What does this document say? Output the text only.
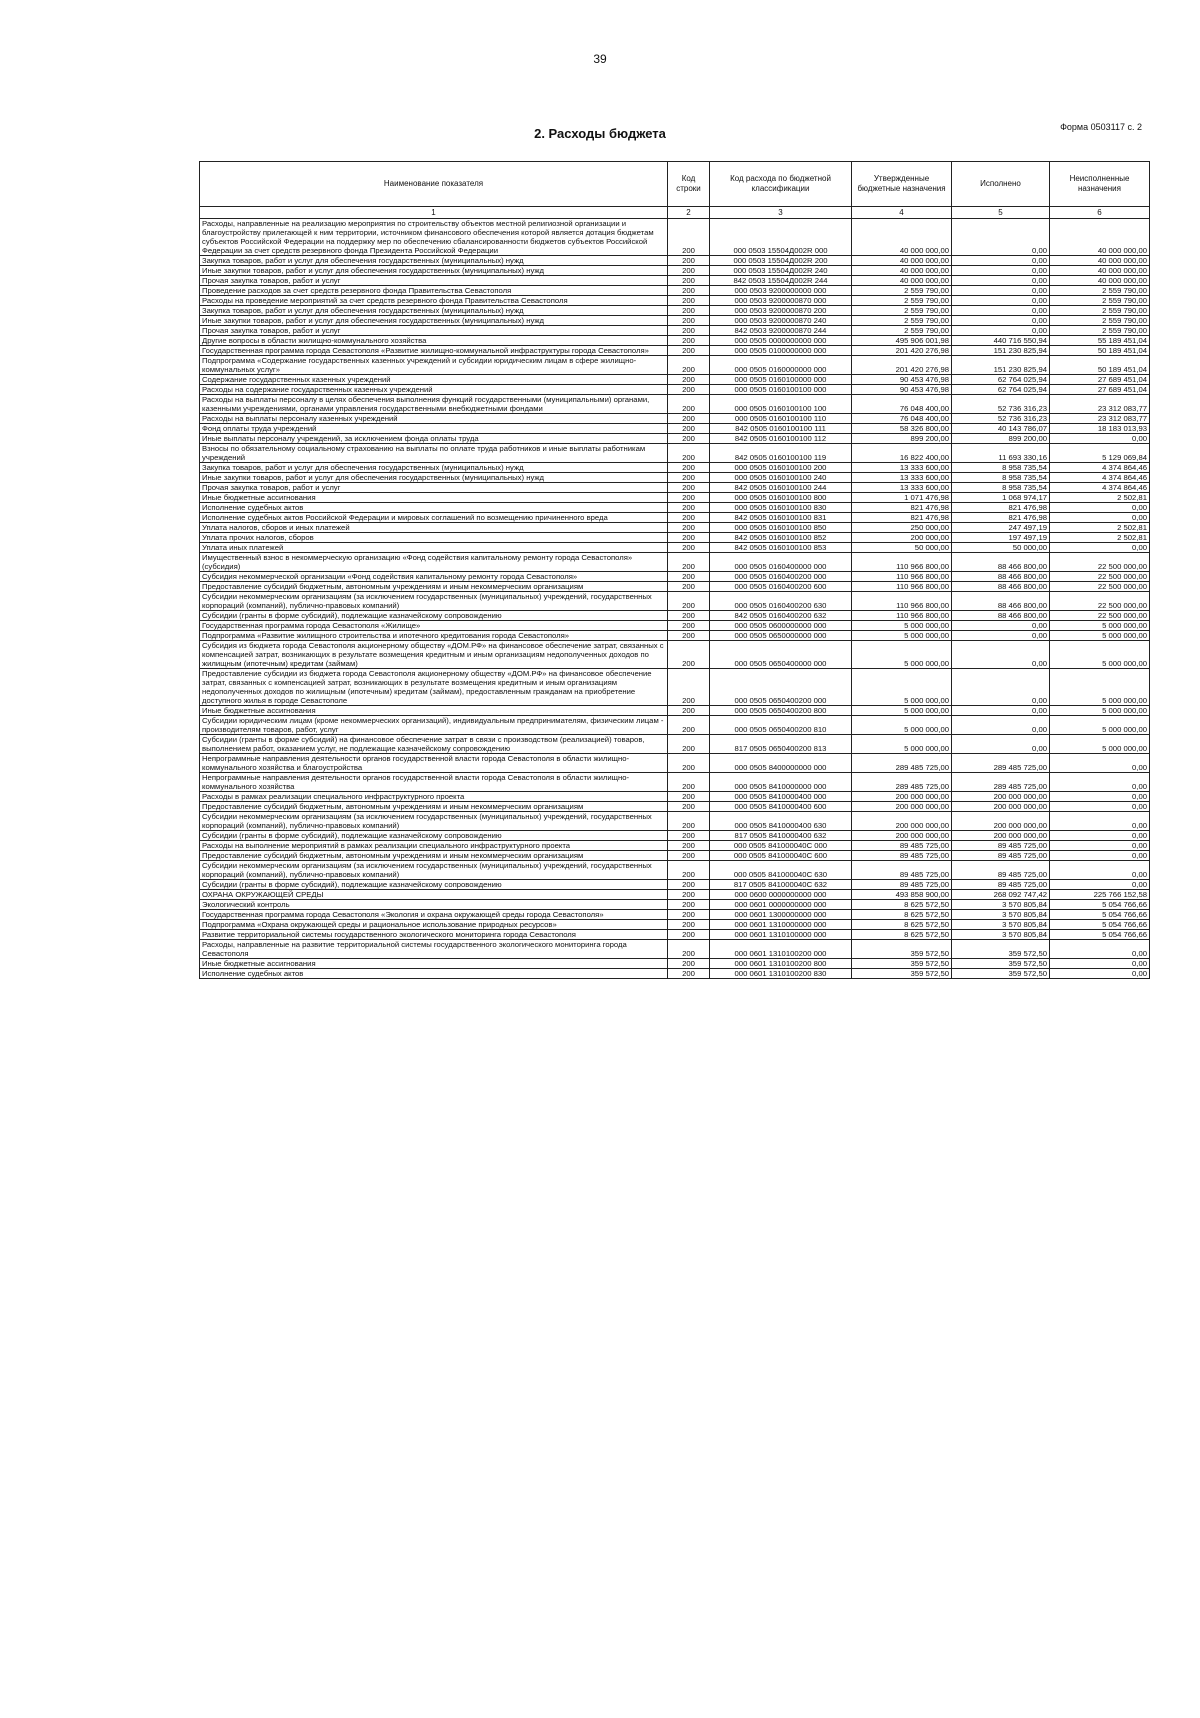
39
Форма 0503117 с. 2
2. Расходы бюджета
Наименование показателя	Код строки	Код расхода по бюджетной классификации	Утвержденные бюджетные назначения	Исполнено	Неисполненные назначения
1	2	3	4	5	6
Расходы, направленные на реализацию мероприятия по строительству объектов местной религиозной организации и благоустройству прилегающей к ним территории, источником финансового обеспечения которой является дотация бюджетам субъектов Российской Федерации на поддержку мер по обеспечению сбалансированности бюджетов субъектов Российской Федерации за счет средств резервного фонда Президента Российской Федерации	200	000 0503 15504Д002R 000	40 000 000,00	0,00	40 000 000,00
Закупка товаров, работ и услуг для обеспечения государственных (муниципальных) нужд	200	000 0503 15504Д002R 200	40 000 000,00	0,00	40 000 000,00
Иные закупки товаров, работ и услуг для обеспечения государственных (муниципальных) нужд	200	000 0503 15504Д002R 240	40 000 000,00	0,00	40 000 000,00
Прочая закупка товаров, работ и услуг	200	842 0503 15504Д002R 244	40 000 000,00	0,00	40 000 000,00
Проведение расходов за счет средств резервного фонда Правительства Севастополя	200	000 0503 9200000000 000	2 559 790,00	0,00	2 559 790,00
Расходы на проведение мероприятий за счет средств резервного фонда Правительства Севастополя	200	000 0503 9200000870 000	2 559 790,00	0,00	2 559 790,00
Закупка товаров, работ и услуг для обеспечения государственных (муниципальных) нужд	200	000 0503 9200000870 200	2 559 790,00	0,00	2 559 790,00
Иные закупки товаров, работ и услуг для обеспечения государственных (муниципальных) нужд	200	000 0503 9200000870 240	2 559 790,00	0,00	2 559 790,00
Прочая закупка товаров, работ и услуг	200	842 0503 9200000870 244	2 559 790,00	0,00	2 559 790,00
Другие вопросы в области жилищно-коммунального хозяйства	200	000 0505 0000000000 000	495 906 001,98	440 716 550,94	55 189 451,04
Государственная программа города Севастополя «Развитие жилищно-коммунальной инфраструктуры города Севастополя»	200	000 0505 0100000000 000	201 420 276,98	151 230 825,94	50 189 451,04
Подпрограмма «Содержание государственных казенных учреждений и субсидии юридическим лицам в сфере жилищно-коммунальных услуг»	200	000 0505 0160000000 000	201 420 276,98	151 230 825,94	50 189 451,04
Содержание государственных казенных учреждений	200	000 0505 0160100000 000	90 453 476,98	62 764 025,94	27 689 451,04
Расходы на содержание государственных казенных учреждений	200	000 0505 0160100100 000	90 453 476,98	62 764 025,94	27 689 451,04
Расходы на выплаты персоналу в целях обеспечения выполнения функций государственными (муниципальными) органами, казенными учреждениями, органами управления государственными внебюджетными фондами	200	000 0505 0160100100 100	76 048 400,00	52 736 316,23	23 312 083,77
Расходы на выплаты персоналу казенных учреждений	200	000 0505 0160100100 110	76 048 400,00	52 736 316,23	23 312 083,77
Фонд оплаты труда учреждений	200	842 0505 0160100100 111	58 326 800,00	40 143 786,07	18 183 013,93
Иные выплаты персоналу учреждений, за исключением фонда оплаты труда	200	842 0505 0160100100 112	899 200,00	899 200,00	0,00
Взносы по обязательному социальному страхованию на выплаты по оплате труда работников и иные выплаты работникам учреждений	200	842 0505 0160100100 119	16 822 400,00	11 693 330,16	5 129 069,84
Закупка товаров, работ и услуг для обеспечения государственных (муниципальных) нужд	200	000 0505 0160100100 200	13 333 600,00	8 958 735,54	4 374 864,46
Иные закупки товаров, работ и услуг для обеспечения государственных (муниципальных) нужд	200	000 0505 0160100100 240	13 333 600,00	8 958 735,54	4 374 864,46
Прочая закупка товаров, работ и услуг	200	842 0505 0160100100 244	13 333 600,00	8 958 735,54	4 374 864,46
Иные бюджетные ассигнования	200	000 0505 0160100100 800	1 071 476,98	1 068 974,17	2 502,81
Исполнение судебных актов	200	000 0505 0160100100 830	821 476,98	821 476,98	0,00
Исполнение судебных актов Российской Федерации и мировых соглашений по возмещению причиненного вреда	200	842 0505 0160100100 831	821 476,98	821 476,98	0,00
Уплата налогов, сборов и иных платежей	200	000 0505 0160100100 850	250 000,00	247 497,19	2 502,81
Уплата прочих налогов, сборов	200	842 0505 0160100100 852	200 000,00	197 497,19	2 502,81
Уплата иных платежей	200	842 0505 0160100100 853	50 000,00	50 000,00	0,00
Имущественный взнос в некоммерческую организацию «Фонд содействия капитальному ремонту города Севастополя» (субсидия)	200	000 0505 0160400000 000	110 966 800,00	88 466 800,00	22 500 000,00
Субсидия некоммерческой организации «Фонд содействия капитальному ремонту города Севастополя»	200	000 0505 0160400200 000	110 966 800,00	88 466 800,00	22 500 000,00
Предоставление субсидий бюджетным, автономным учреждениям и иным некоммерческим организациям	200	000 0505 0160400200 600	110 966 800,00	88 466 800,00	22 500 000,00
Субсидии некоммерческим организациям (за исключением государственных (муниципальных) учреждений, государственных корпораций (компаний), публично-правовых компаний)	200	000 0505 0160400200 630	110 966 800,00	88 466 800,00	22 500 000,00
Субсидии (гранты в форме субсидий), подлежащие казначейскому сопровождению	200	842 0505 0160400200 632	110 966 800,00	88 466 800,00	22 500 000,00
Государственная программа города Севастополя «Жилище»	200	000 0505 0600000000 000	5 000 000,00	0,00	5 000 000,00
Подпрограмма «Развитие жилищного строительства и ипотечного кредитования города Севастополя»	200	000 0505 0650000000 000	5 000 000,00	0,00	5 000 000,00
Субсидия из бюджета города Севастополя акционерному обществу «ДОМ.РФ» на финансовое обеспечение затрат, связанных с компенсацией затрат, возникающих в результате возмещения кредитным и иным организациям недополученных доходов по жилищным (ипотечным) кредитам (займам)	200	000 0505 0650400000 000	5 000 000,00	0,00	5 000 000,00
Предоставление субсидии из бюджета города Севастополя акционерному обществу «ДОМ.РФ» на финансовое обеспечение затрат, связанных с компенсацией затрат, возникающих в результате возмещения кредитным и иным организациям недополученных доходов по жилищным (ипотечным) кредитам (займам), предоставленным гражданам на приобретение доступного жилья в городе Севастополе	200	000 0505 0650400200 000	5 000 000,00	0,00	5 000 000,00
Иные бюджетные ассигнования	200	000 0505 0650400200 800	5 000 000,00	0,00	5 000 000,00
Субсидии юридическим лицам (кроме некоммерческих организаций), индивидуальным предпринимателям, физическим лицам - производителям товаров, работ, услуг	200	000 0505 0650400200 810	5 000 000,00	0,00	5 000 000,00
Субсидии (гранты в форме субсидий) на финансовое обеспечение затрат в связи с производством (реализацией) товаров, выполнением работ, оказанием услуг, не подлежащие казначейскому сопровождению	200	817 0505 0650400200 813	5 000 000,00	0,00	5 000 000,00
Непрограммные направления деятельности органов государственной власти города Севастополя в области жилищно-коммунального хозяйства и благоустройства	200	000 0505 8400000000 000	289 485 725,00	289 485 725,00	0,00
Непрограммные направления деятельности органов государственной власти города Севастополя в области жилищно-коммунального хозяйства	200	000 0505 8410000000 000	289 485 725,00	289 485 725,00	0,00
Расходы в рамках реализации специального инфраструктурного проекта	200	000 0505 8410000400 000	200 000 000,00	200 000 000,00	0,00
Предоставление субсидий бюджетным, автономным учреждениям и иным некоммерческим организациям	200	000 0505 8410000400 600	200 000 000,00	200 000 000,00	0,00
Субсидии некоммерческим организациям (за исключением государственных (муниципальных) учреждений, государственных корпораций (компаний), публично-правовых компаний)	200	000 0505 8410000400 630	200 000 000,00	200 000 000,00	0,00
Субсидии (гранты в форме субсидий), подлежащие казначейскому сопровождению	200	817 0505 8410000400 632	200 000 000,00	200 000 000,00	0,00
Расходы на выполнение мероприятий в рамках реализации специального инфраструктурного проекта	200	000 0505 841000040С 000	89 485 725,00	89 485 725,00	0,00
Предоставление субсидий бюджетным, автономным учреждениям и иным некоммерческим организациям	200	000 0505 841000040С 600	89 485 725,00	89 485 725,00	0,00
Субсидии некоммерческим организациям (за исключением государственных (муниципальных) учреждений, государственных корпораций (компаний), публично-правовых компаний)	200	000 0505 841000040С 630	89 485 725,00	89 485 725,00	0,00
Субсидии (гранты в форме субсидий), подлежащие казначейскому сопровождению	200	817 0505 841000040С 632	89 485 725,00	89 485 725,00	0,00
ОХРАНА ОКРУЖАЮЩЕЙ СРЕДЫ	200	000 0600 0000000000 000	493 858 900,00	268 092 747,42	225 766 152,58
Экологический контроль	200	000 0601 0000000000 000	8 625 572,50	3 570 805,84	5 054 766,66
Государственная программа города Севастополя «Экология и охрана окружающей среды города Севастополя»	200	000 0601 1300000000 000	8 625 572,50	3 570 805,84	5 054 766,66
Подпрограмма «Охрана окружающей среды и рациональное использование природных ресурсов»	200	000 0601 1310000000 000	8 625 572,50	3 570 805,84	5 054 766,66
Развитие территориальной системы государственного экологического мониторинга города Севастополя	200	000 0601 1310100000 000	8 625 572,50	3 570 805,84	5 054 766,66
Расходы, направленные на развитие территориальной системы государственного экологического мониторинга города Севастополя	200	000 0601 1310100200 000	359 572,50	359 572,50	0,00
Иные бюджетные ассигнования	200	000 0601 1310100200 800	359 572,50	359 572,50	0,00
Исполнение судебных актов	200	000 0601 1310100200 830	359 572,50	359 572,50	0,00
